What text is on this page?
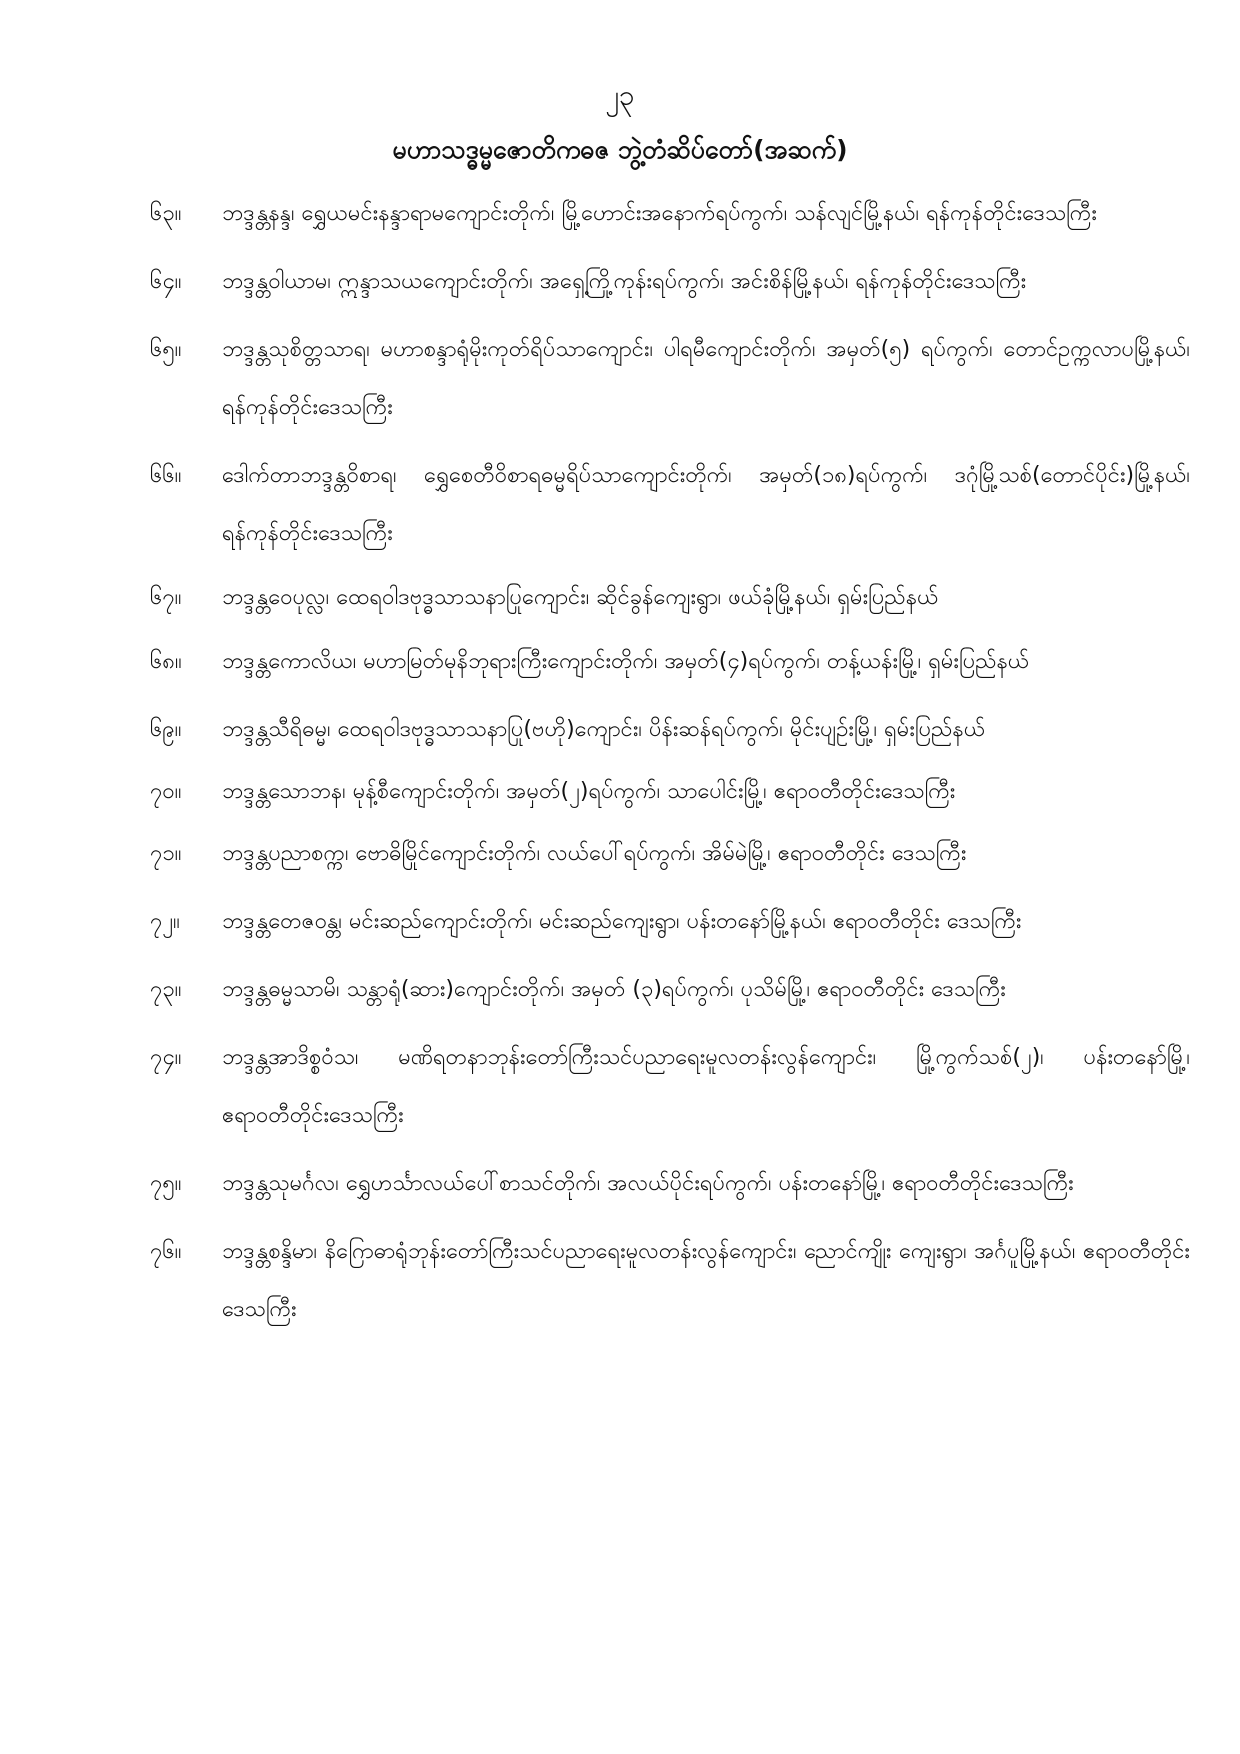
၂၃
မဟာသဒ္ဓမ္မဇောတိကဓဇ ဘွဲ့တံဆိပ်တော်(အဆက်)
၆၃။	ဘဒ္ဒန္တနန္ဒ၊ ရွှေယမင်းနန္ဒာရာမကျောင်းတိုက်၊ မြို့ဟောင်းအနောက်ရပ်ကွက်၊ သန်လျင်မြို့နယ်၊ ရန်ကုန်တိုင်းဒေသကြီး
၆၄။	ဘဒ္ဒန္တဝါယာမ၊ ဣန္ဒာသယကျောင်းတိုက်၊ အရှေ့ကြို့ကုန်းရပ်ကွက်၊ အင်းစိန်မြို့နယ်၊ ရန်ကုန်တိုင်းဒေသကြီး
၆၅။	ဘဒ္ဒန္တသုစိတ္တသာရ၊ မဟာစန္ဒာရုံမိုးကုတ်ရိပ်သာကျောင်း၊ ပါရမီကျောင်းတိုက်၊ အမှတ်(၅) ရပ်ကွက်၊ တောင်ဥက္ကလာပမြို့နယ်၊ ရန်ကုန်တိုင်းဒေသကြီး
၆၆။	ဒေါက်တာဘဒ္ဒန္တဝိစာရ၊ ရွှေစေတီဝိစာရဓမ္မရိပ်သာကျောင်းတိုက်၊ အမှတ်(၁၈)ရပ်ကွက်၊ ဒဂုံမြို့သစ်(တောင်ပိုင်း)မြို့နယ်၊ ရန်ကုန်တိုင်းဒေသကြီး
၆၇။	ဘဒ္ဒန္တဝေပုလ္လ၊ ထေရဝါဒဗုဒ္ဓသာသနာပြုကျောင်း၊ ဆိုင်ခွန်ကျေးရွာ၊ ဖယ်ခုံမြို့နယ်၊ ရှမ်းပြည်နယ်
၆၈။	ဘဒ္ဒန္တကောလိယ၊ မဟာမြတ်မုနိဘုရားကြီးကျောင်းတိုက်၊ အမှတ်(၄)ရပ်ကွက်၊ တန့်ယန်းမြို့၊ ရှမ်းပြည်နယ်
၆၉။	ဘဒ္ဒန္တသီရိဓမ္မ၊ ထေရဝါဒဗုဒ္ဓသာသနာပြု(ဗဟို)ကျောင်း၊ ပိန်းဆန်ရပ်ကွက်၊ မိုင်းပျဉ်းမြို့၊ ရှမ်းပြည်နယ်
၇၀။	ဘဒ္ဒန္တသောဘန၊ မုန့်စီကျောင်းတိုက်၊ အမှတ်(၂)ရပ်ကွက်၊ သာပေါင်းမြို့၊ ဧရာဝတီတိုင်းဒေသကြီး
၇၁။	ဘဒ္ဒန္တပညာစက္က၊ ဗောဓိမြိုင်ကျောင်းတိုက်၊ လယ်ပေါ်ရပ်ကွက်၊ အိမ်မဲမြို့၊ ဧရာဝတီတိုင်း ဒေသကြီး
၇၂။	ဘဒ္ဒန္တတေဇဝန္တ၊ မင်းဆည်ကျောင်းတိုက်၊ မင်းဆည်ကျေးရွာ၊ ပန်းတနော်မြို့နယ်၊ ဧရာဝတီတိုင်း ဒေသကြီး
၇၃။	ဘဒ္ဒန္တဓမ္မသာမိ၊ သန္တာရုံ(ဆား)ကျောင်းတိုက်၊ အမှတ် (၃)ရပ်ကွက်၊ ပုသိမ်မြို့၊ ဧရာဝတီတိုင်း ဒေသကြီး
၇၄။	ဘဒ္ဒန္တအာဒိစ္စဝံသ၊ မဏိရတနာဘုန်းတော်ကြီးသင်ပညာရေးမူလတန်းလွန်ကျောင်း၊ မြို့ကွက်သစ်(၂)၊ ပန်းတနော်မြို့၊ ဧရာဝတီတိုင်းဒေသကြီး
၇၅။	ဘဒ္ဒန္တသုမင်္ဂလ၊ ရွှေဟင်္သာလယ်ပေါ်စာသင်တိုက်၊ အလယ်ပိုင်းရပ်ကွက်၊ ပန်းတနော်မြို့၊ ဧရာဝတီတိုင်းဒေသကြီး
၇၆။	ဘဒ္ဒန္တစန္ဒိမာ၊ နိဂြောဓာရုံဘုန်းတော်ကြီးသင်ပညာရေးမူလတန်းလွန်ကျောင်း၊ ညောင်ကျိုး ကျေးရွာ၊ အင်္ဂပူမြို့နယ်၊ ဧရာဝတီတိုင်းဒေသကြီး
